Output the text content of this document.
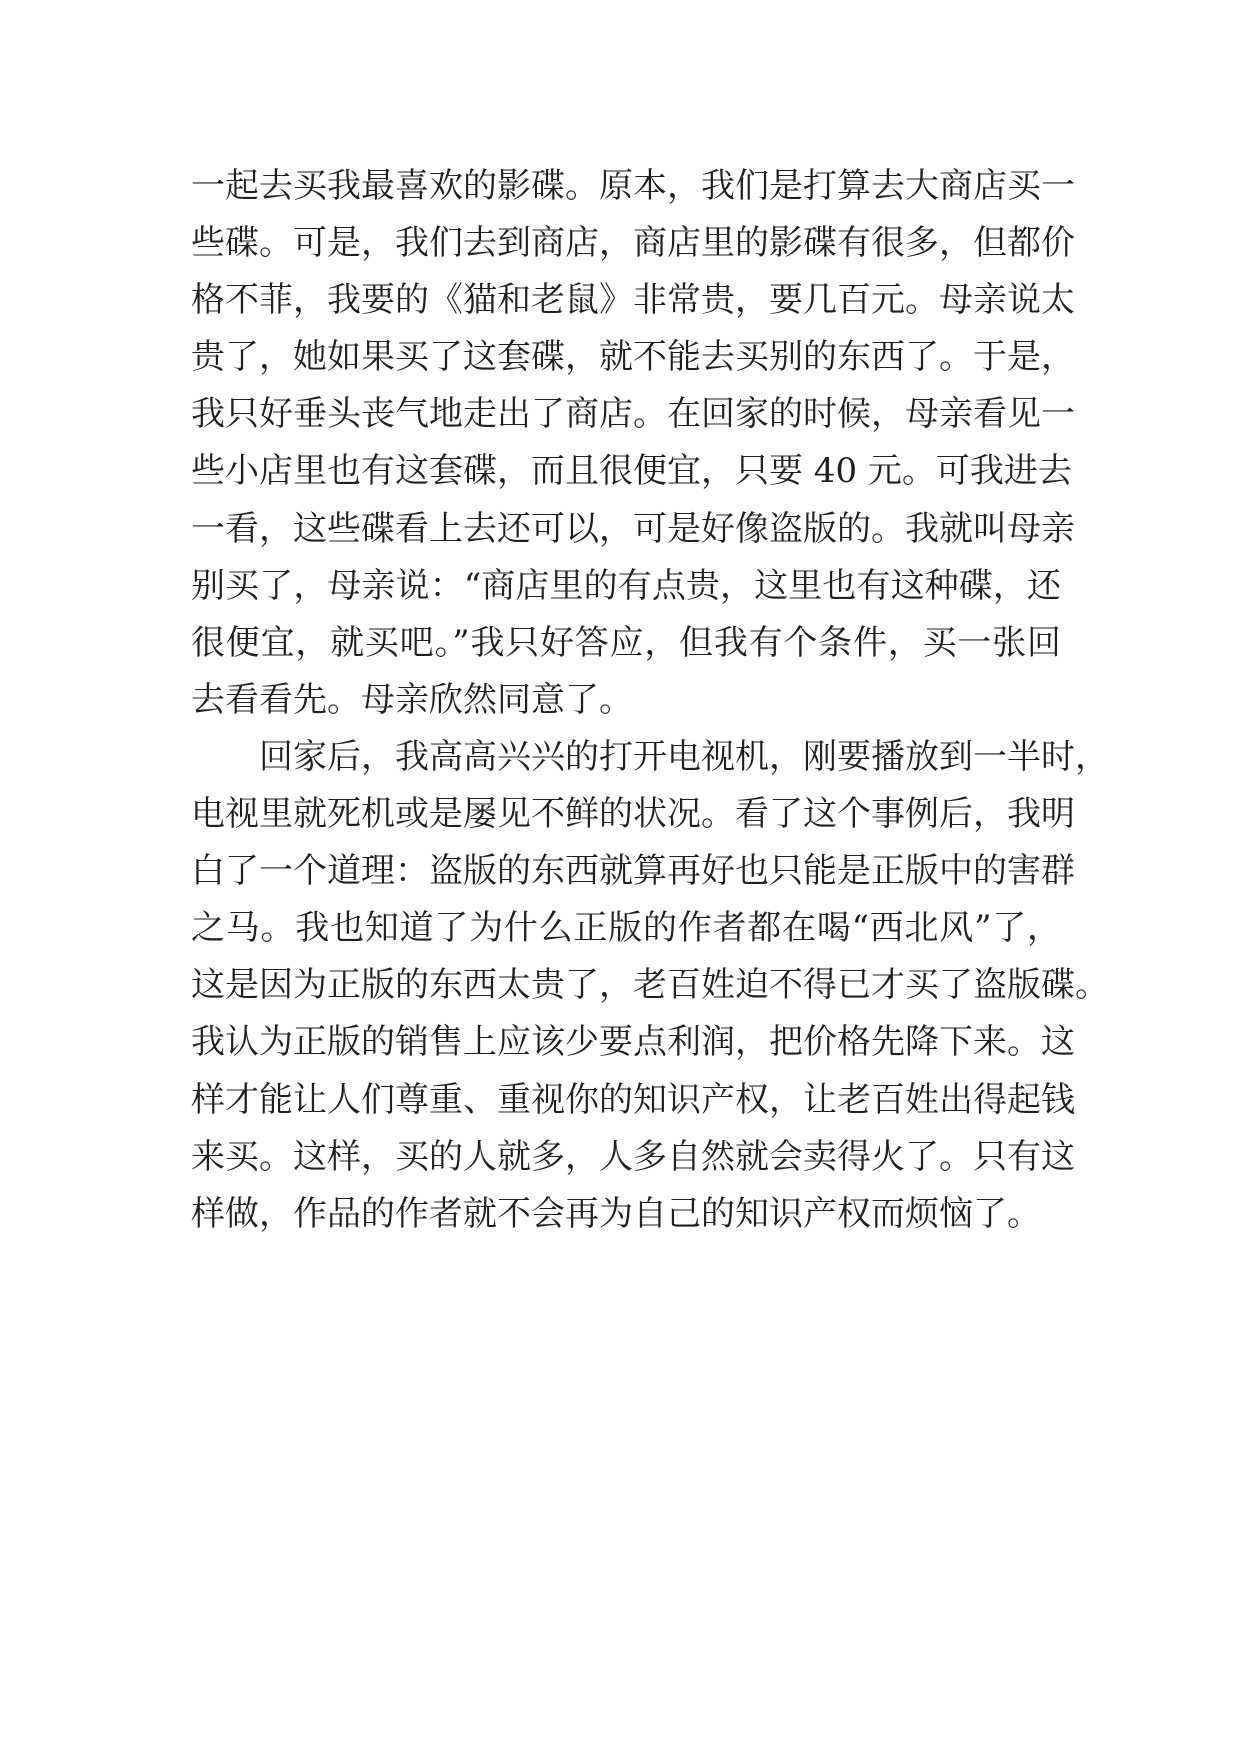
一起去买我最喜欢的影碟。原本，我们是打算去大商店买一
些碟。可是，我们去到商店，商店里的影碟有很多，但都价
格不菲，我要的《猫和老鼠》非常贵，要几百元。母亲说太
贵了，她如果买了这套碟，就不能去买别的东西了。于是，
我只好垂头丧气地走出了商店。在回家的时候，母亲看见一
些小店里也有这套碟，而且很便宜，只要 40 元。可我进去
一看，这些碟看上去还可以，可是好像盗版的。我就叫母亲
别买了，母亲说：“商店里的有点贵，这里也有这种碟，还
很便宜，就买吧。”我只好答应，但我有个条件，买一张回
去看看先。母亲欣然同意了。
回家后，我高高兴兴的打开电视机，刚要播放到一半时，
电视里就死机或是屡见不鲜的状况。看了这个事例后，我明
白了一个道理：盗版的东西就算再好也只能是正版中的害群
之马。我也知道了为什么正版的作者都在喝“西北风”了，
这是因为正版的东西太贵了，老百姓迫不得已才买了盗版碟。
我认为正版的销售上应该少要点利润，把价格先降下来。这
样才能让人们尊重、重视你的知识产权，让老百姓出得起钱
来买。这样，买的人就多，人多自然就会卖得火了。只有这
样做，作品的作者就不会再为自己的知识产权而烦恼了。
